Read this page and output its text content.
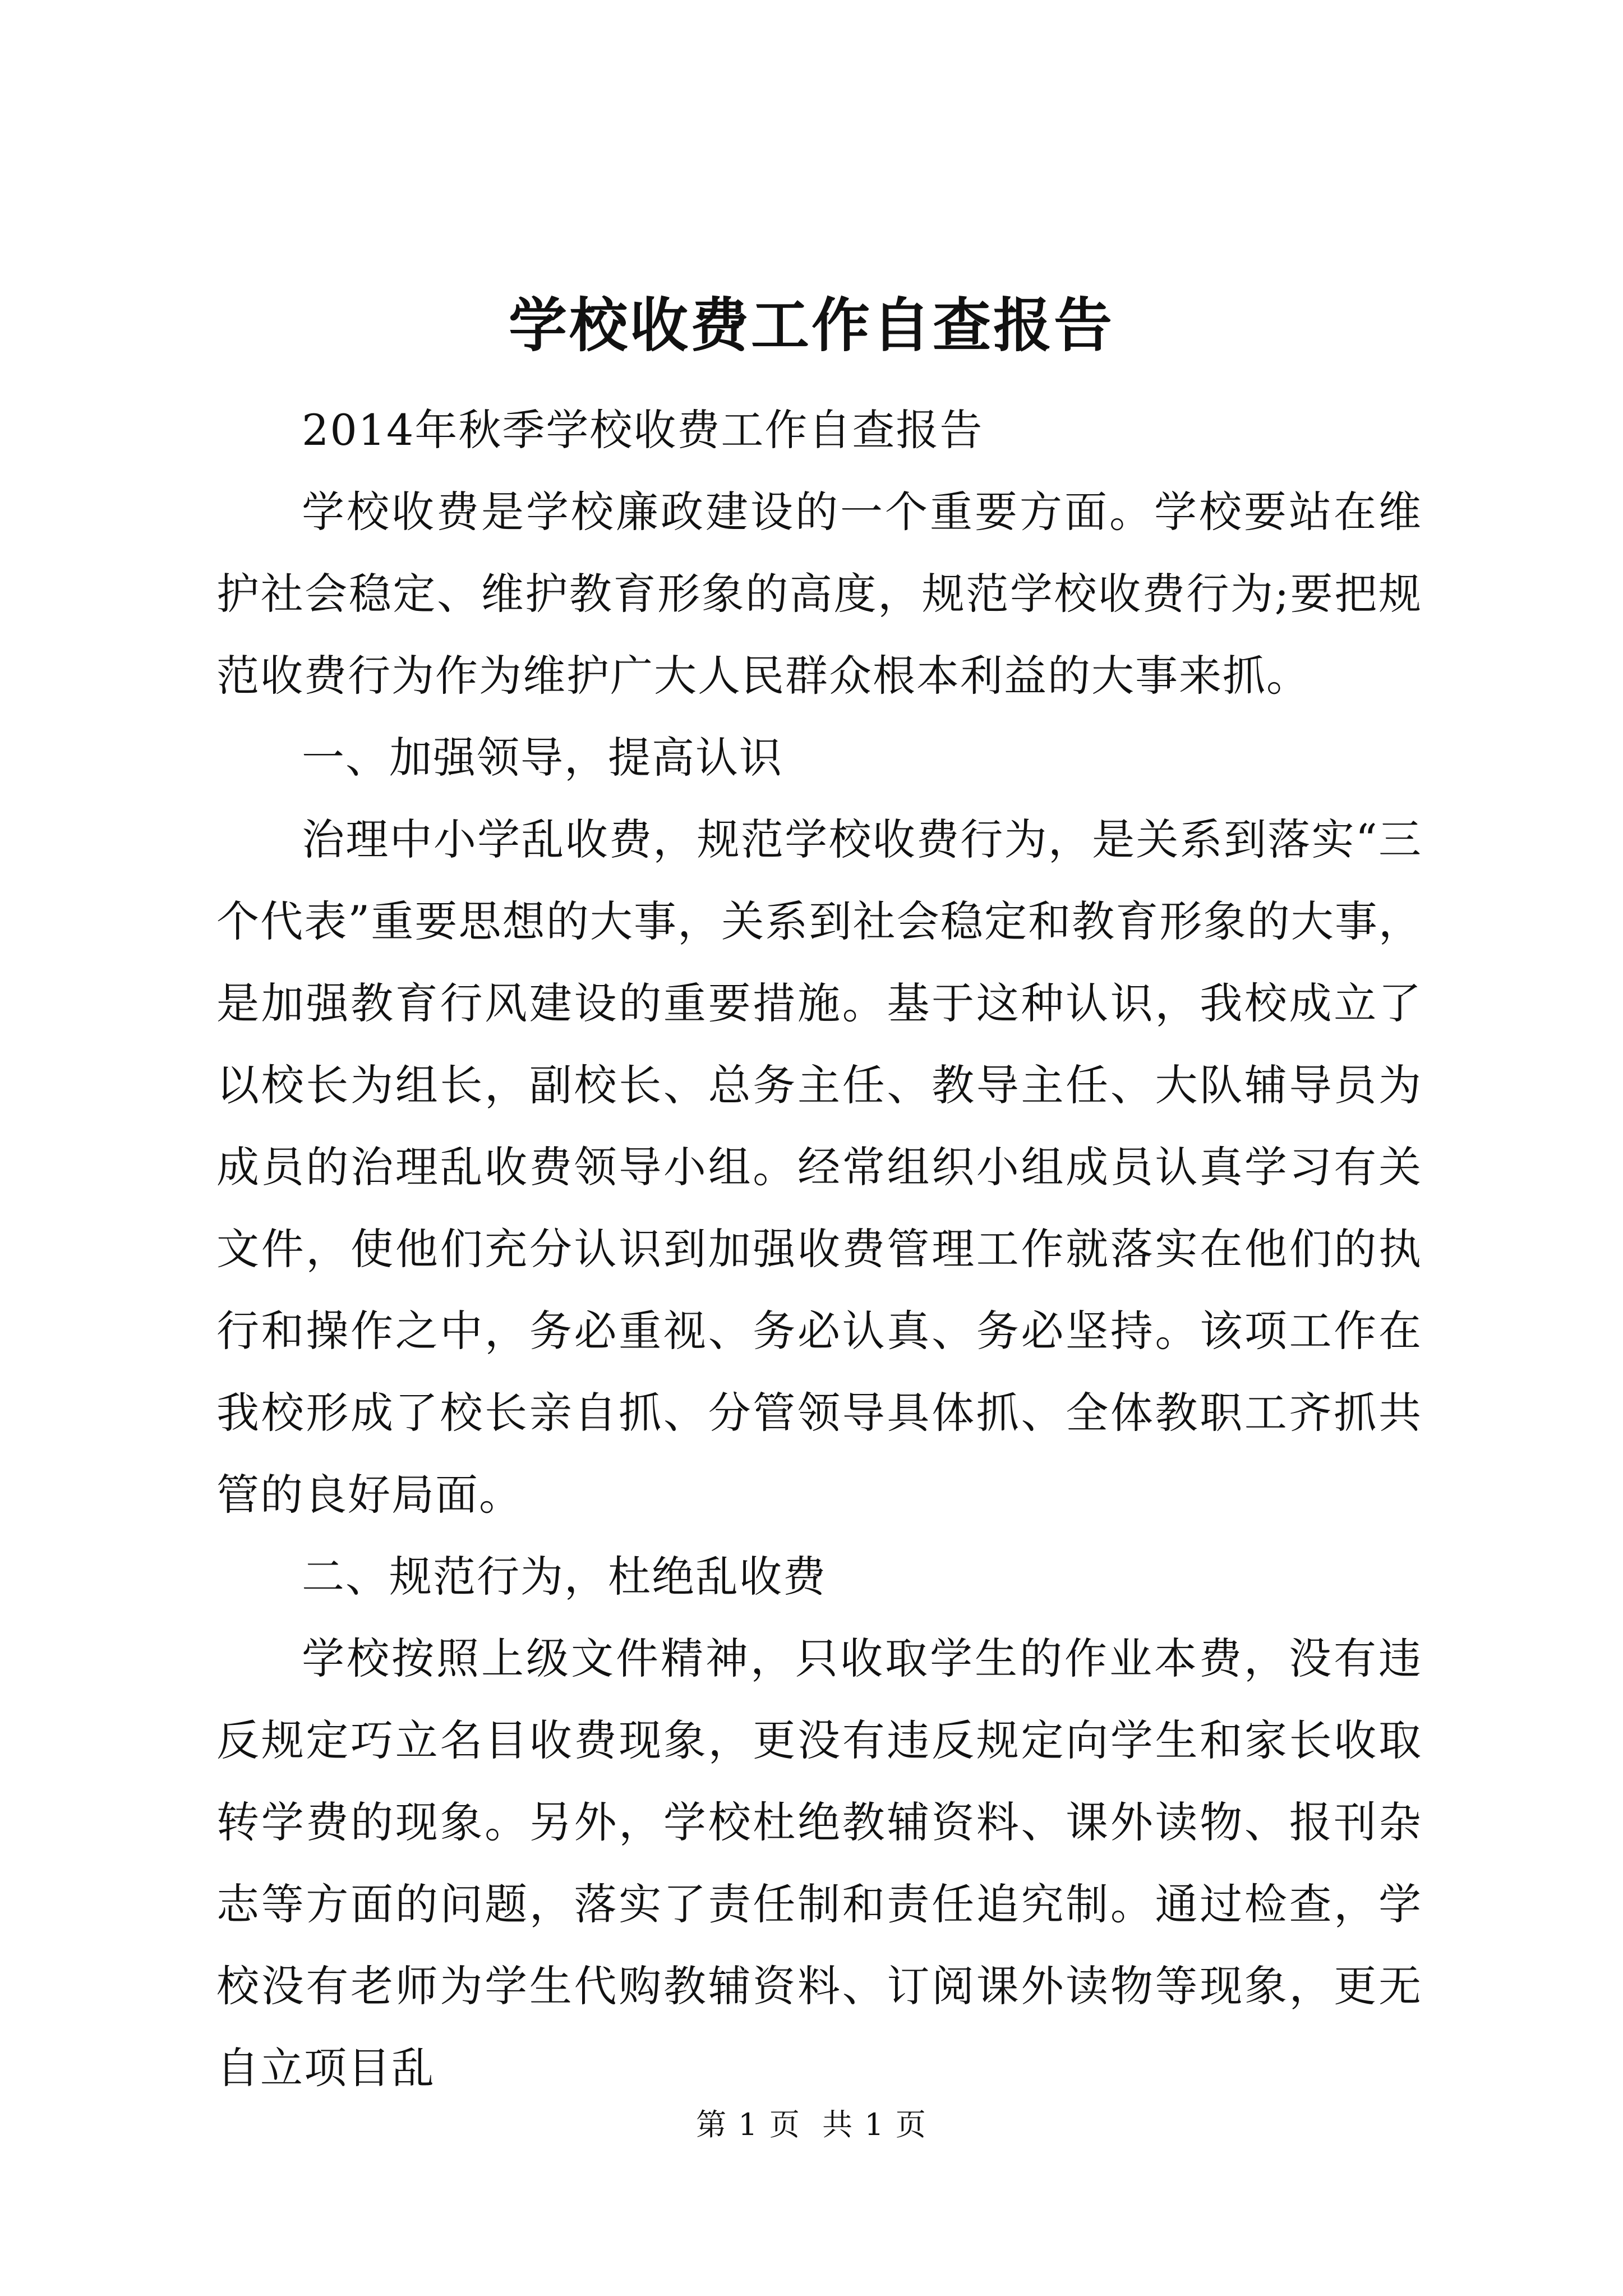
学校收费工作自查报告

2014年秋季学校收费工作自查报告

学校收费是学校廉政建设的一个重要方面。学校要站在维护社会稳定、维护教育形象的高度，规范学校收费行为;要把规范收费行为作为维护广大人民群众根本利益的大事来抓。

一、加强领导，提高认识

治理中小学乱收费，规范学校收费行为，是关系到落实“三个代表”重要思想的大事，关系到社会稳定和教育形象的大事，是加强教育行风建设的重要措施。基于这种认识，我校成立了以校长为组长，副校长、总务主任、教导主任、大队辅导员为成员的治理乱收费领导小组。经常组织小组成员认真学习有关文件，使他们充分认识到加强收费管理工作就落实在他们的执行和操作之中，务必重视、务必认真、务必坚持。该项工作在我校形成了校长亲自抓、分管领导具体抓、全体教职工齐抓共管的良好局面。

二、规范行为，杜绝乱收费

学校按照上级文件精神，只收取学生的作业本费，没有违反规定巧立名目收费现象，更没有违反规定向学生和家长收取转学费的现象。另外，学校杜绝教辅资料、课外读物、报刊杂志等方面的问题，落实了责任制和责任追究制。通过检查，学校没有老师为学生代购教辅资料、订阅课外读物等现象，更无自立项目乱

第 1 页  共 1 页
